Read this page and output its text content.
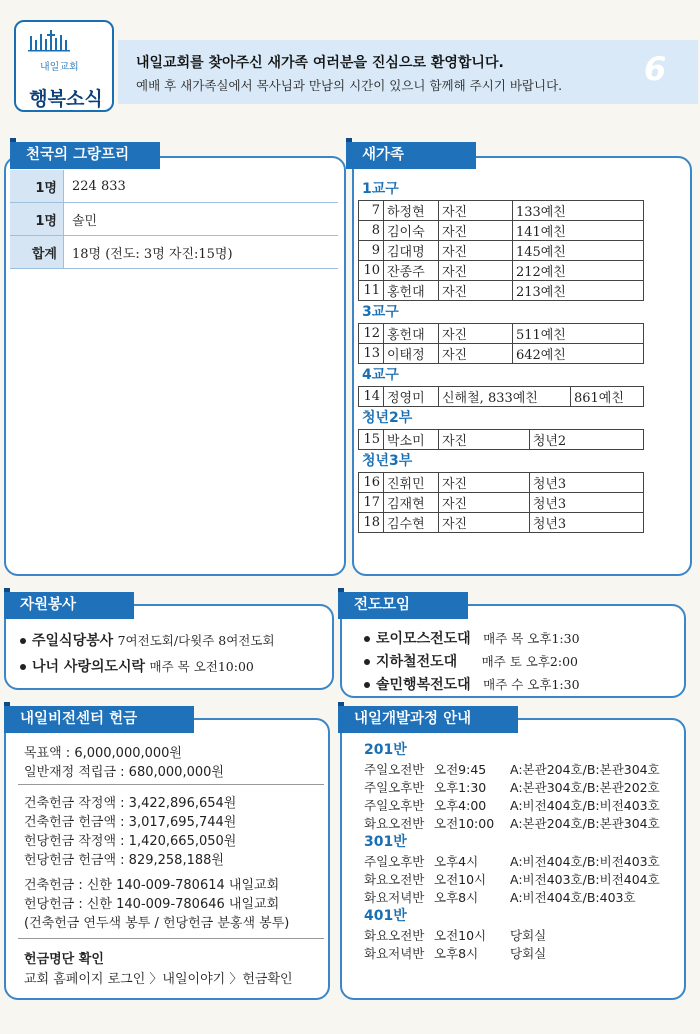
내일교회
행복소식
내일교회를 찾아주신 새가족 여러분을 진심으로 환영합니다.
예배 후 새가족실에서 목사님과 만남의 시간이 있으니 함께해 주시기 바랍니다.	6
천국의 그랑프리
1명	224 833
1명	솔민
합계	18명 (전도: 3명 자진:15명)
새가족
1교구
7	하정현	자진	133예친
8	김이숙	자진	141예친
9	김대명	자진	145예친
10	잔종주	자진	212예친
11	홍헌대	자진	213예친
3교구
12	홍헌대	자진	511예친
13	이태정	자진	642예친
4교구
14	정영미	신해철, 833예친	861예친
청년2부
15	박소미	자진	청년2
청년3부
16	진휘민	자진	청년3
17	김재현	자진	청년3
18	김수현	자진	청년3
자원봉사
주일식당봉사 7여전도회/다윗주 8여전도회
나너 사랑의도시락 매주 목 오전10:00
전도모임
로이모스전도대 매주 목 오후1:30
지하철전도대 매주 토 오후2:00
솔민행복전도대 매주 수 오후1:30
내일비전센터 헌금
목표액 : 6,000,000,000원
일반재정 적립금 : 680,000,000원
건축헌금 작정액 : 3,422,896,654원
건축헌금 헌금액 : 3,017,695,744원
헌당헌금 작정액 : 1,420,665,050원
헌당헌금 헌금액 : 829,258,188원
건축헌금 : 신한 140-009-780614 내일교회
헌당헌금 : 신한 140-009-780646 내일교회
(건축헌금 연두색 봉투 / 헌당헌금 분홍색 봉투)
헌금명단 확인
교회 홈페이지 로그인 〉내일이야기 〉헌금확인
내일개발과정 안내
201반
주일오전반	오전9:45	A:본관204호/B:본관304호
주일오후반	오후1:30	A:본관304호/B:본관202호
주일오후반	오후4:00	A:비전404호/B:비전403호
화요오전반	오전10:00	A:본관204호/B:본관304호
301반
주일오후반	오후4시	A:비전404호/B:비전403호
화요오전반	오전10시	A:비전403호/B:비전404호
화요저녁반	오후8시	A:비전404호/B:403호
401반
화요오전반	오전10시	당회실
화요저녁반	오후8시	당회실
